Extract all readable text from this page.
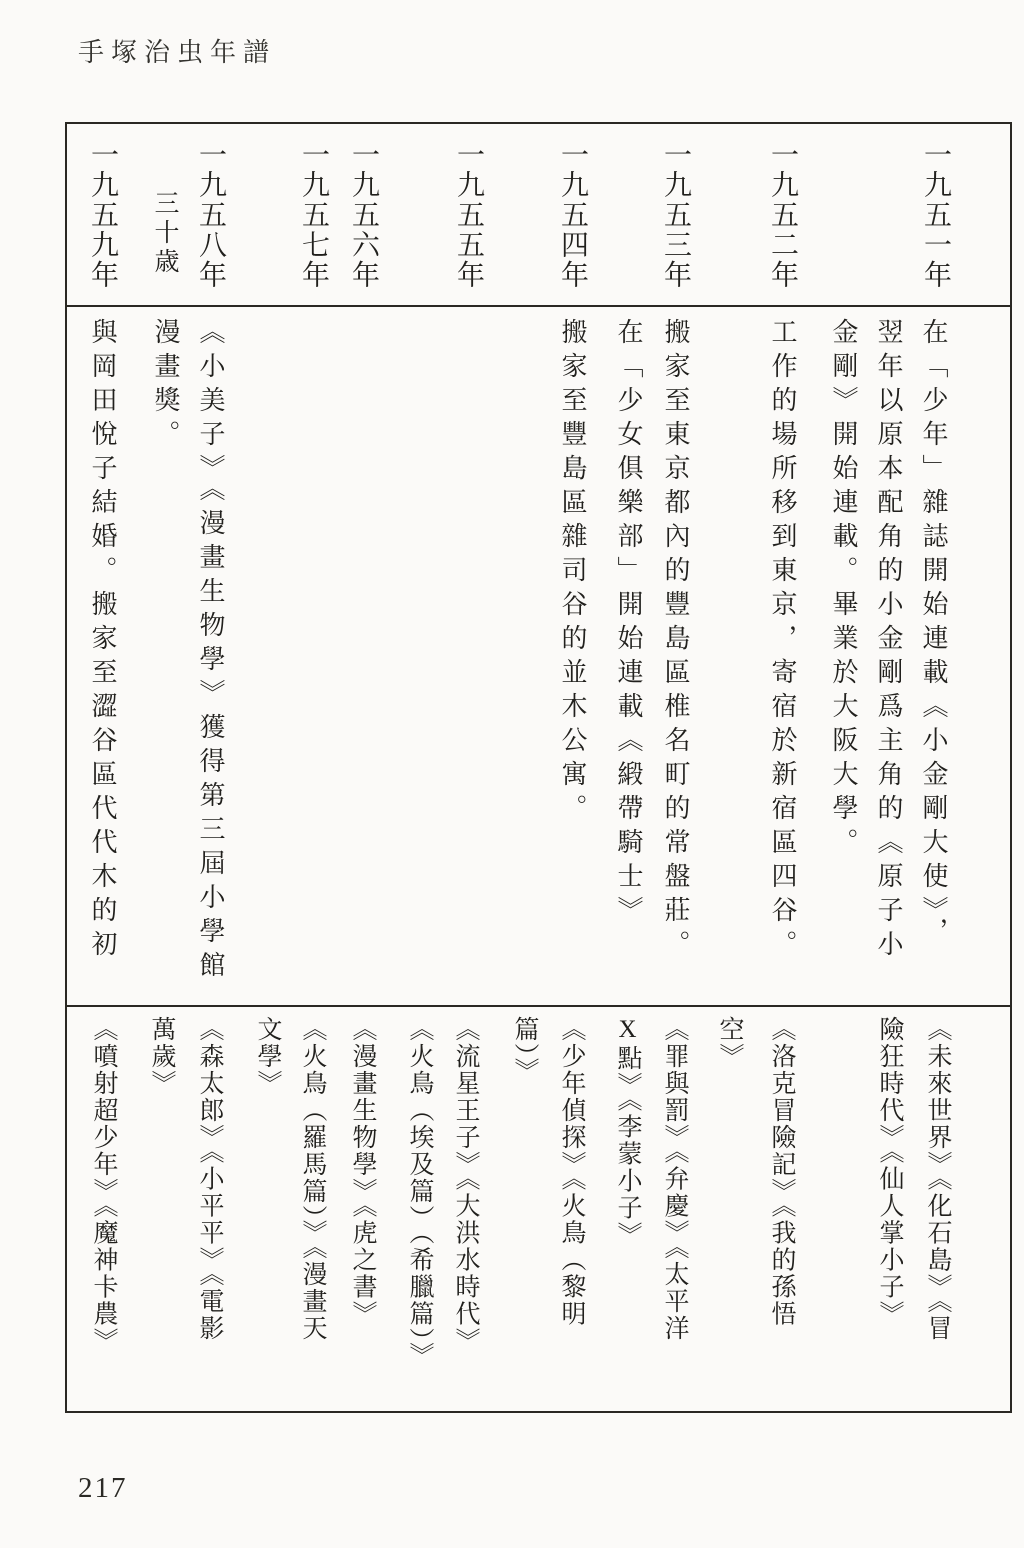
手塚治虫年譜
一九五一年
一九五二年
一九五三年
一九五四年
一九五五年
一九五六年
一九五七年
一九五八年
三十歳
一九五九年
在「少年」雜誌開始連載《小金剛大使》，
翌年以原本配角的小金剛爲主角的《原子小
金剛》開始連載。畢業於大阪大學。
工作的場所移到東京，寄宿於新宿區四谷。
搬家至東京都內的豐島區椎名町的常盤莊。
在「少女俱樂部」開始連載《緞帶騎士》
搬家至豐島區雜司谷的並木公寓。
《小美子》《漫畫生物學》獲得第三屆小學館
漫畫獎。
與岡田悅子結婚。搬家至澀谷區代代木的初
《未來世界》《化石島》《冒
險狂時代》《仙人掌小子》
《洛克冒險記》《我的孫悟
空》
《罪與罰》《弁慶》《太平洋
X點》《李蒙小子》
《少年偵探》《火鳥（黎明
篇）》
《流星王子》《大洪水時代》
《火鳥（埃及篇）（希臘篇）》
《漫畫生物學》《虎之書》
《火鳥（羅馬篇）》《漫畫天
文學》
《森太郎》《小平平》《電影
萬歲》
《噴射超少年》《魔神卡農》
217
